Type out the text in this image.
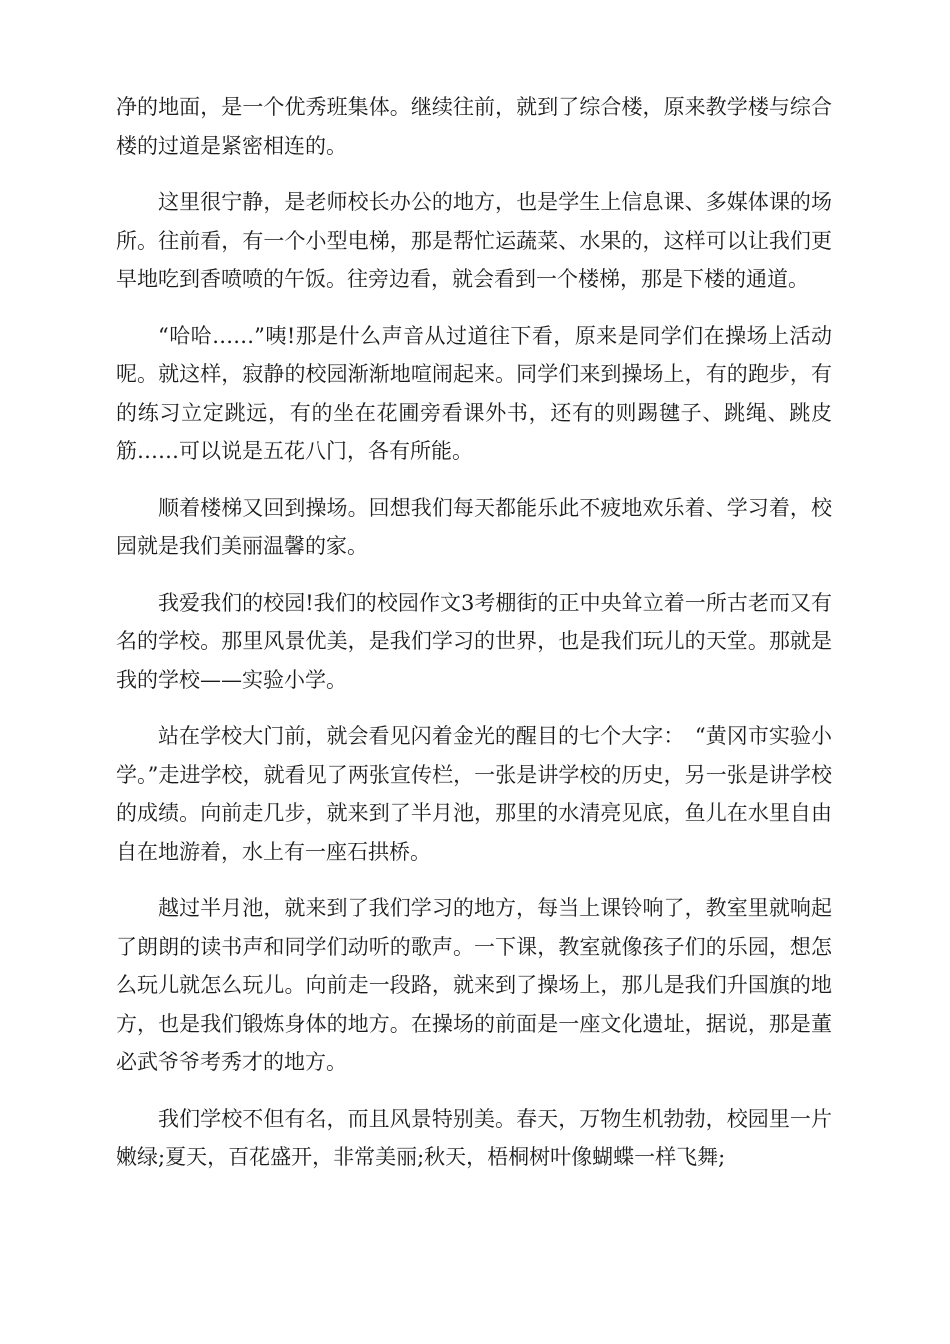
净的地面，是一个优秀班集体。继续往前，就到了综合楼，原来教学楼与综合楼的过道是紧密相连的。

这里很宁静，是老师校长办公的地方，也是学生上信息课、多媒体课的场所。往前看，有一个小型电梯，那是帮忙运蔬菜、水果的，这样可以让我们更早地吃到香喷喷的午饭。往旁边看，就会看到一个楼梯，那是下楼的通道。

“哈哈……”咦!那是什么声音从过道往下看，原来是同学们在操场上活动呢。就这样，寂静的校园渐渐地喧闹起来。同学们来到操场上，有的跑步，有的练习立定跳远，有的坐在花圃旁看课外书，还有的则踢毽子、跳绳、跳皮筋……可以说是五花八门，各有所能。

顺着楼梯又回到操场。回想我们每天都能乐此不疲地欢乐着、学习着，校园就是我们美丽温馨的家。

我爱我们的校园!我们的校园作文3考棚街的正中央耸立着一所古老而又有名的学校。那里风景优美，是我们学习的世界，也是我们玩儿的天堂。那就是我的学校——实验小学。

站在学校大门前，就会看见闪着金光的醒目的七个大字：　“黄冈市实验小学。”走进学校，就看见了两张宣传栏，一张是讲学校的历史，另一张是讲学校的成绩。向前走几步，就来到了半月池，那里的水清亮见底，鱼儿在水里自由自在地游着，水上有一座石拱桥。

越过半月池，就来到了我们学习的地方，每当上课铃响了，教室里就响起了朗朗的读书声和同学们动听的歌声。一下课，教室就像孩子们的乐园，想怎么玩儿就怎么玩儿。向前走一段路，就来到了操场上，那儿是我们升国旗的地方，也是我们锻炼身体的地方。在操场的前面是一座文化遗址，据说，那是董必武爷爷考秀才的地方。

我们学校不但有名，而且风景特别美。春天，万物生机勃勃，校园里一片嫩绿;夏天，百花盛开，非常美丽;秋天，梧桐树叶像蝴蝶一样飞舞;
